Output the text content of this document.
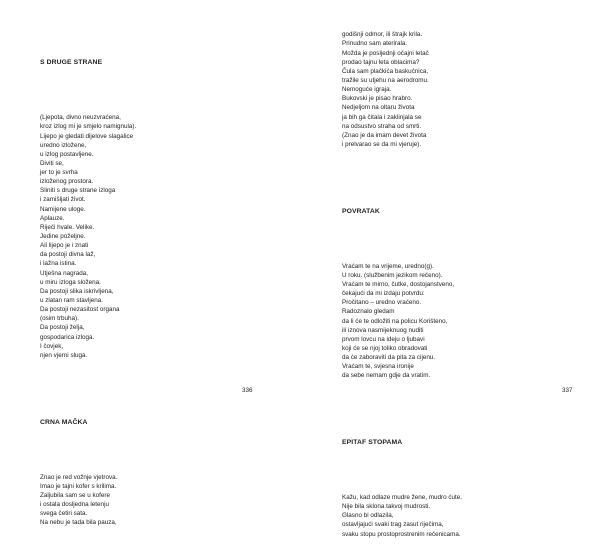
S DRUGE STRANE

(Ljepota, divno neuzvraćena,
kroz izlog mi je smjelo namignula).
Lijepo je gledati dijelove slagalice
uredno izložene,
u izlog postavljene.
Diviti se,
jer to je svrha
izloženog prostora.
Sliniti s druge strane izloga
i zamišljati život.
Namijene uloge.
Aplauze.
Riječi hvale. Velike.
Jedine poželjne.
Ali lijepo je i znati
da postoji divna laž,
i lažna istina.
Utješna nagrada,
u miru izloga složena.
Da postoji slika iskrivljena,
u zlatan ram stavljena.
Da postoji nezasitost organa
(osim trbuha).
Da postoji želja,
gospodarica izloga.
I čovjek,
njen vjerni sluga.

CRNA MAČKA

Znao je red vožnje vjetrova.
Imao je tajni kofer s krilima.
Zaljubila sam se u kofere
i ostala dosljedna letenju
svega četiri sata.
Na nebu je tada bila pauza,

336

godišnji odmor, ili štrajk krila.
Prinudno sam aterirala.
Možda je posljednji očajni letač
prodao tajnu leta oblacima?
Čula sam plačkića baskućnica,
tražile su utjehu na aerodromu.
Nemoguće igraja.
Bukovski je pisao hrabro.
Nedjeljom na oltaru života
ja bih ga čitala i zaklinjala se
na odsustvo straha od smrti.
(Znao je da imam devet života
i prelvarao se da mi vjeruje).

POVRATAK

Vraćam te na vrijeme, uredno(g).
U roku. (službenim jezikom rečeno).
Vraćam te mirno, čutke, dostojanstveno,
čekajući da mi izdaju potvrdu:
Pročitano – uredno vraćeno.
Radoznalo gledam
da li će te odložiti na policu Korišteno,
ili iznova nasmijeknuog nuditi
prvom lovcu na ideju o ljubavi
koji će se njoj toliko obradovati
da će zaboraviti da pita za cijenu.
Vraćam te, svjesna ironije
da sebe nemam gdje da vratim.

EPITAF STOPAMA

Kažu, kad odlaze mudre žene, mudro ćute.
Nije bila sklona takvoj mudrosti.
Glasno bi odlazila,
ostavljajući svaki trag zasut riječima,
svaku stopu prostoprostrenim rečenicama.

337
